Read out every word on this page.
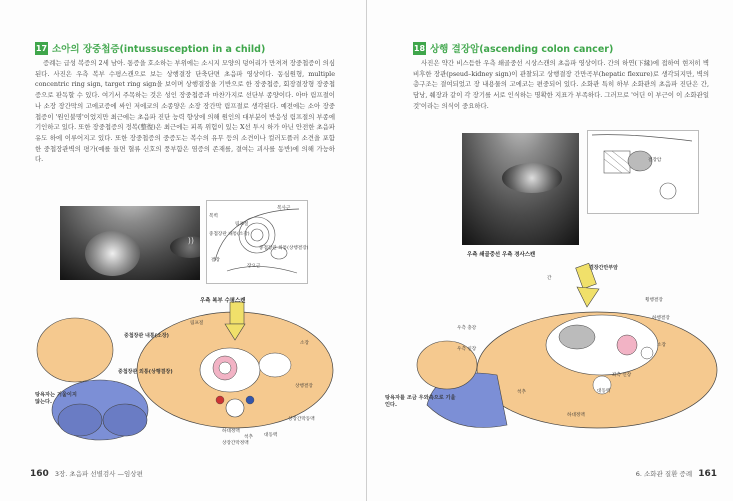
17 소아의 장중첩증(intussusception in a child)

증례는 급성 복증의 2세 남아. 통증을 호소하는 부위에는 소시지 모양의 덩어리가 만져져 장중첩증이 의심된다. 사진은 우측 복부 수평스캔으로 보는 상행결장 단축단면 초음파 영상이다. 동심원형, multiple concentric ring sign, target ring sign을 보이며 상행결장을 기반으로 한 장중첩증, 회장결장형 장중첩증으로 판독할 수 있다. 여기서 주목하는 것은 성인 장중첩증과 마찬가지로 선단부 종양이다. 아마 림프절이나 소장 장간막의 고에코증에 싸인 저에코의 소종양은 소장 장간막 림프절로 생각된다. 예전에는 소아 장중첩증이 '원인불명'이었지만 최근에는 초음파 진단 능력 향상에 의해 원인의 대부분이 반응성 림프절의 부종에 기인하고 있다. 또한 장중첩증의 정복(整復)은 최근에는 피폭 위험이 있는 X선 투시 하가 아닌 안전한 초음파 유도 하에 이루어지고 있다. 또한 장중첩증의 중증도는 복수의 유무 등의 소견이나 컬러도플러 소견을 포함한 중첩장관벽의 평가(예를 들면 혈류 신호의 풍부함은 염증의 존재를, 결여는 괴사를 동반)에 의해 가능하다.

))
복사근
복벽
중첩장관 내통(소장)
림프절
중첩장관 외통(상행결장)
장요근
결장
우측 복부 수평스캔
중첩장관 내통(소장)
림프절
중첩장관 외통(상행결장)
소장
상행결장
하대정맥
척추 대동맥
상장간막정맥
상장간막동맥
탕욕자는 기울이지 않는다.
160 3장. 초음파 선별검사 —임상편
18 상행 결장암(ascending colon cancer)

사진은 약간 비스듬한 우측 쇄골중선 시상스캔의 초음파 영상이다. 간의 하연(下縁)에 접하여 현저히 벽비후한 장관(pseud–kidney sign)이 관찰되고 상행결장 간만곡부(hepatic flexure)로 생각되지만, 벽의 층구조는 결여되었고 장 내용물의 고에코는 편중되어 있다. 소화관 특히 하부 소화관의 초음파 진단은 간, 담낭, 췌장과 같이 각 장기를 서로 인식하는 명확한 지표가 부족하다. 그러므로 '어딘 이 부근이 이 소화관일 것'이라는 의식이 중요하다.

결장암
우측 쇄골중선 우측 경사스캔
결장간만부암
간
횡행결장
하행결장
우측 충강
소장
우측 신장
좌측 신장
대동맥
척추
하대정맥
탕욕자를 조금 우와측으로 기울인다.
6. 소화관 질환 증례 161
